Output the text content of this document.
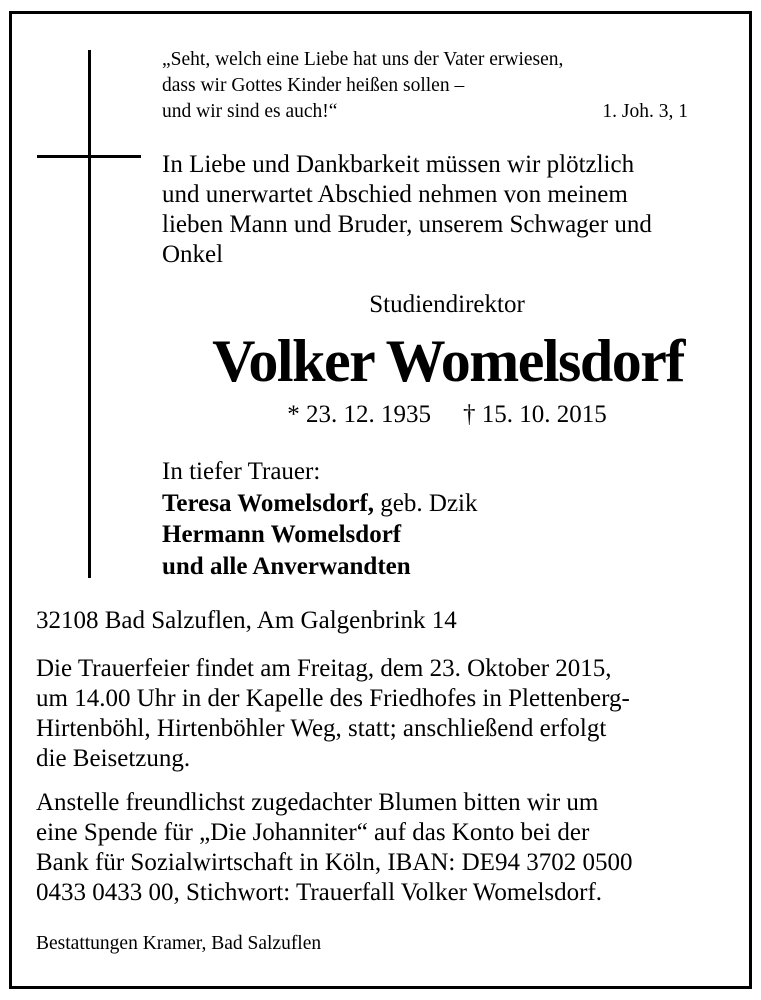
„Seht, welch eine Liebe hat uns der Vater erwiesen,
dass wir Gottes Kinder heißen sollen –
und wir sind es auch!“	1. Joh. 3, 1
In Liebe und Dankbarkeit müssen wir plötzlich
und unerwartet Abschied nehmen von meinem
lieben Mann und Bruder, unserem Schwager und
Onkel
Studiendirektor
Volker Womelsdorf
* 23. 12. 1935 † 15. 10. 2015
In tiefer Trauer:
Teresa Womelsdorf, geb. Dzik
Hermann Womelsdorf
und alle Anverwandten
32108 Bad Salzuflen, Am Galgenbrink 14
Die Trauerfeier findet am Freitag, dem 23. Oktober 2015,
um 14.00 Uhr in der Kapelle des Friedhofes in Plettenberg-
Hirtenböhl, Hirtenböhler Weg, statt; anschließend erfolgt
die Beisetzung.
Anstelle freundlichst zugedachter Blumen bitten wir um
eine Spende für „Die Johanniter“ auf das Konto bei der
Bank für Sozialwirtschaft in Köln, IBAN: DE94 3702 0500
0433 0433 00, Stichwort: Trauerfall Volker Womelsdorf.
Bestattungen Kramer, Bad Salzuflen
